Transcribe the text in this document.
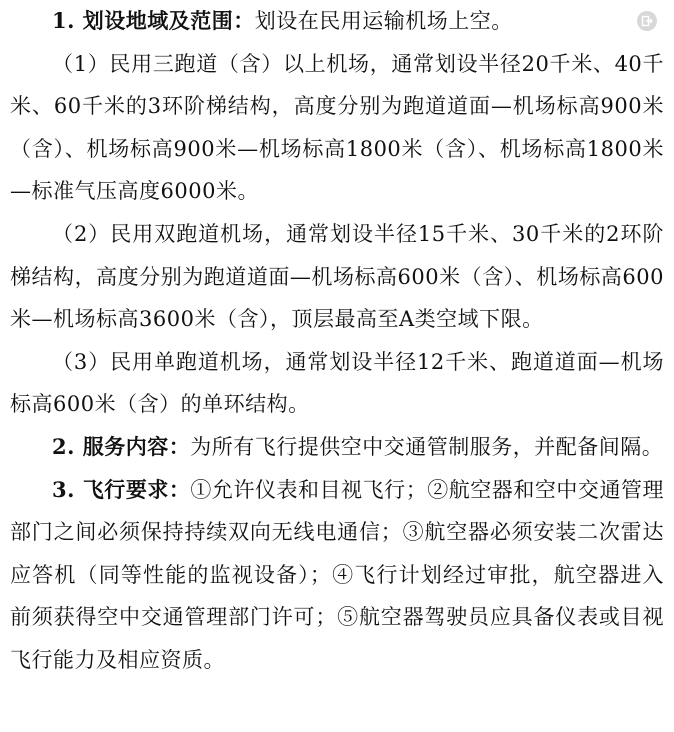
1. 划设地域及范围：划设在民用运输机场上空。

（1）民用三跑道（含）以上机场，通常划设半径20千米、40千米、60千米的3环阶梯结构，高度分别为跑道道面—机场标高900米（含）、机场标高900米—机场标高1800米（含）、机场标高1800米—标准气压高度6000米。

（2）民用双跑道机场，通常划设半径15千米、30千米的2环阶梯结构，高度分别为跑道道面—机场标高600米（含）、机场标高600米—机场标高3600米（含），顶层最高至A类空域下限。

（3）民用单跑道机场，通常划设半径12千米、跑道道面—机场标高600米（含）的单环结构。

2. 服务内容：为所有飞行提供空中交通管制服务，并配备间隔。

3. 飞行要求：①允许仪表和目视飞行；②航空器和空中交通管理部门之间必须保持持续双向无线电通信；③航空器必须安装二次雷达应答机（同等性能的监视设备）；④飞行计划经过审批，航空器进入前须获得空中交通管理部门许可；⑤航空器驾驶员应具备仪表或目视飞行能力及相应资质。
